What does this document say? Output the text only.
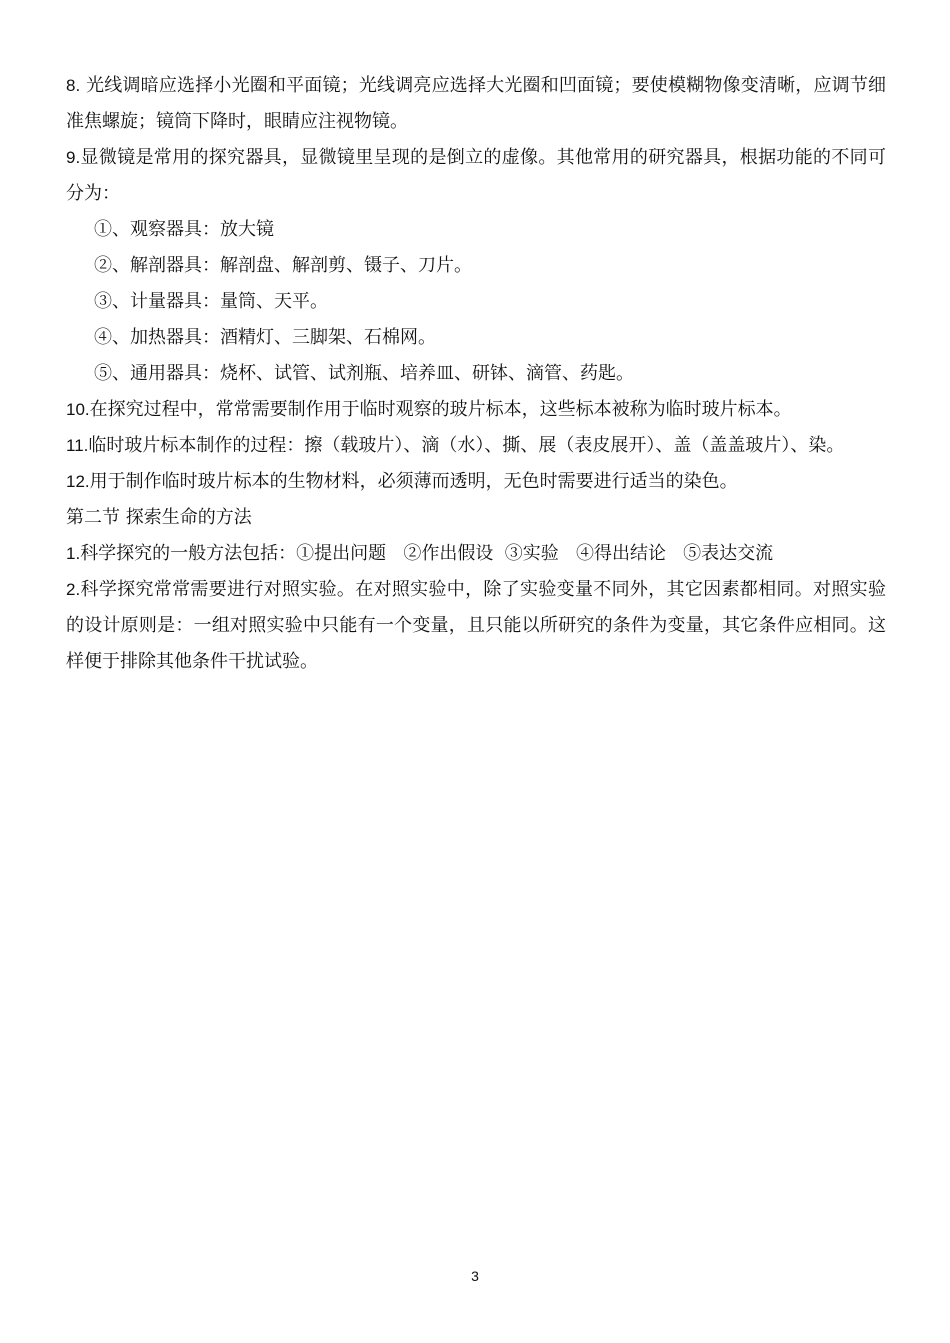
8. 光线调暗应选择小光圈和平面镜；光线调亮应选择大光圈和凹面镜；要使模糊物像变清晰，应调节细准焦螺旋；镜筒下降时，眼睛应注视物镜。

9.显微镜是常用的探究器具，显微镜里呈现的是倒立的虚像。其他常用的研究器具，根据功能的不同可分为：

①、观察器具：放大镜

②、解剖器具：解剖盘、解剖剪、镊子、刀片。

③、计量器具：量筒、天平。

④、加热器具：酒精灯、三脚架、石棉网。

⑤、通用器具：烧杯、试管、试剂瓶、培养皿、研钵、滴管、药匙。

10.在探究过程中，常常需要制作用于临时观察的玻片标本，这些标本被称为临时玻片标本。

11.临时玻片标本制作的过程：擦（载玻片）、滴（水）、撕、展（表皮展开）、盖（盖盖玻片）、染。

12.用于制作临时玻片标本的生物材料，必须薄而透明，无色时需要进行适当的染色。

第二节 探索生命的方法

1.科学探究的一般方法包括：①提出问题   ②作出假设  ③实验   ④得出结论   ⑤表达交流

2.科学探究常常需要进行对照实验。在对照实验中，除了实验变量不同外，其它因素都相同。对照实验的设计原则是：一组对照实验中只能有一个变量，且只能以所研究的条件为变量，其它条件应相同。这样便于排除其他条件干扰试验。

3
